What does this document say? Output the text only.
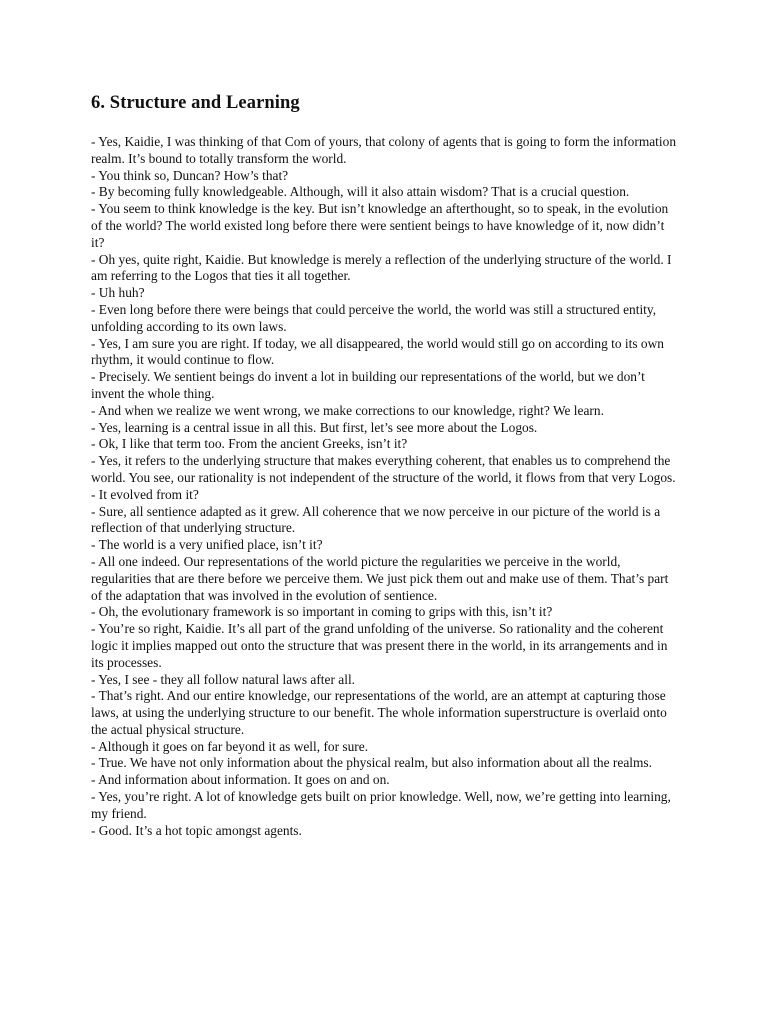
6. Structure and Learning

- Yes, Kaidie, I was thinking of that Com of yours, that colony of agents that is going to form the information realm. It’s bound to totally transform the world.

- You think so, Duncan? How’s that?

- By becoming fully knowledgeable. Although, will it also attain wisdom? That is a crucial question.

- You seem to think knowledge is the key. But isn’t knowledge an afterthought, so to speak, in the evolution of the world? The world existed long before there were sentient beings to have knowledge of it, now didn’t it?

- Oh yes, quite right, Kaidie. But knowledge is merely a reflection of the underlying structure of the world. I am referring to the Logos that ties it all together.

- Uh huh?

- Even long before there were beings that could perceive the world, the world was still a structured entity, unfolding according to its own laws.

- Yes, I am sure you are right. If today, we all disappeared, the world would still go on according to its own rhythm, it would continue to flow.

- Precisely. We sentient beings do invent a lot in building our representations of the world, but we don’t invent the whole thing.

- And when we realize we went wrong, we make corrections to our knowledge, right? We learn.

- Yes, learning is a central issue in all this. But first, let’s see more about the Logos.

- Ok, I like that term too. From the ancient Greeks, isn’t it?

- Yes, it refers to the underlying structure that makes everything coherent, that enables us to comprehend the world. You see, our rationality is not independent of the structure of the world, it flows from that very Logos.

- It evolved from it?

- Sure, all sentience adapted as it grew. All coherence that we now perceive in our picture of the world is a reflection of that underlying structure.

- The world is a very unified place, isn’t it?

- All one indeed. Our representations of the world picture the regularities we perceive in the world, regularities that are there before we perceive them. We just pick them out and make use of them. That’s part of the adaptation that was involved in the evolution of sentience.

- Oh, the evolutionary framework is so important in coming to grips with this, isn’t it?

- You’re so right, Kaidie. It’s all part of the grand unfolding of the universe. So rationality and the coherent logic it implies mapped out onto the structure that was present there in the world, in its arrangements and in its processes.

- Yes, I see - they all follow natural laws after all.

- That’s right. And our entire knowledge, our representations of the world, are an attempt at capturing those laws, at using the underlying structure to our benefit. The whole information superstructure is overlaid onto the actual physical structure.

- Although it goes on far beyond it as well, for sure.

- True. We have not only information about the physical realm, but also information about all the realms.

- And information about information. It goes on and on.

- Yes, you’re right. A lot of knowledge gets built on prior knowledge. Well, now, we’re getting into learning, my friend.

- Good. It’s a hot topic amongst agents.
